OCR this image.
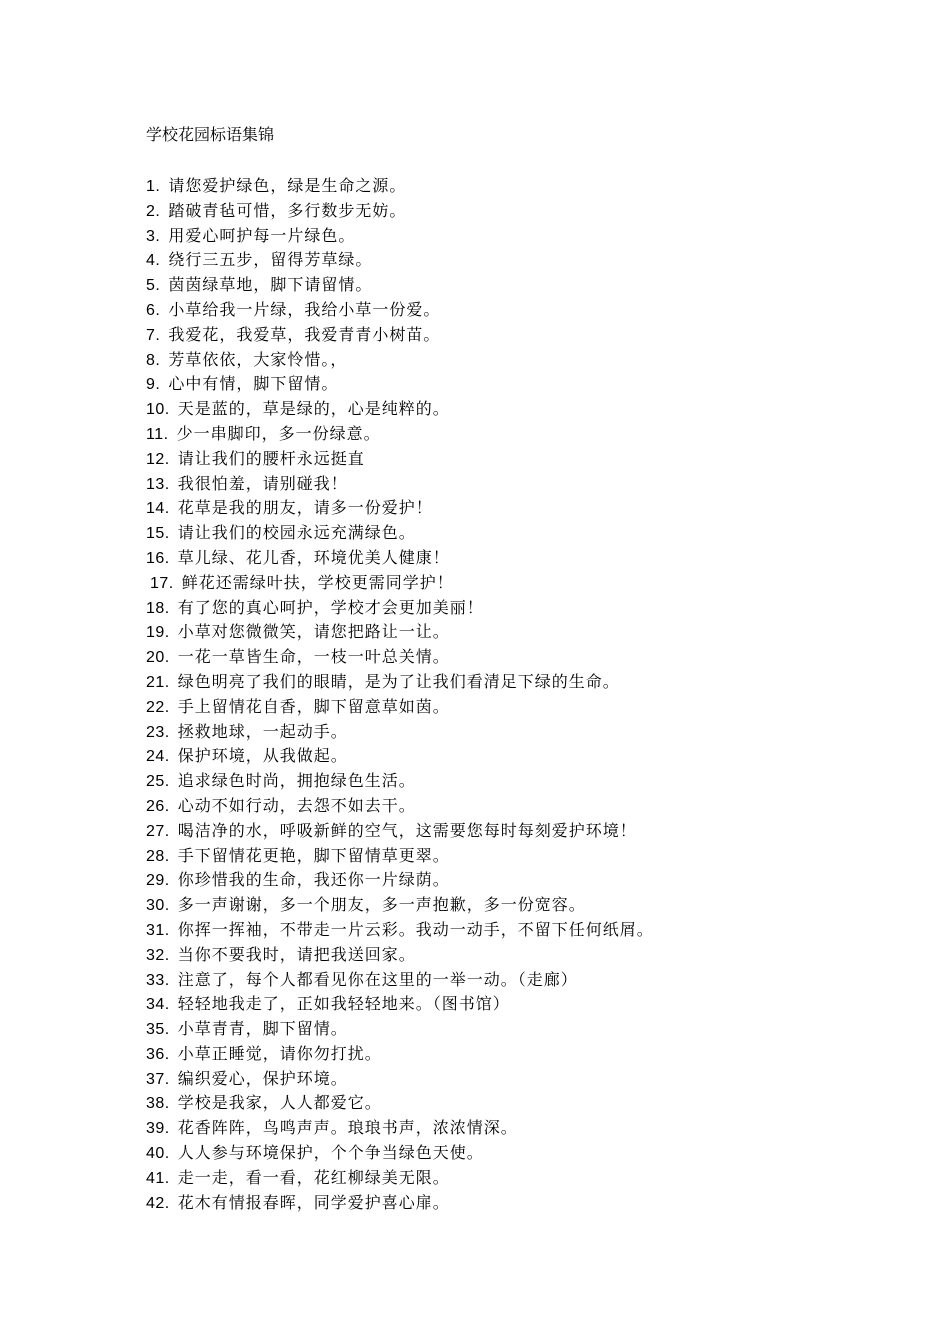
学校花园标语集锦
1. 请您爱护绿色，绿是生命之源。
2. 踏破青毡可惜，多行数步无妨。
3. 用爱心呵护每一片绿色。
4. 绕行三五步，留得芳草绿。
5. 茵茵绿草地，脚下请留情。
6. 小草给我一片绿，我给小草一份爱。
7. 我爱花，我爱草，我爱青青小树苗。
8. 芳草依依，大家怜惜。，
9. 心中有情，脚下留情。
10. 天是蓝的，草是绿的，心是纯粹的。
11. 少一串脚印，多一份绿意。
12. 请让我们的腰杆永远挺直
13. 我很怕羞，请别碰我！
14. 花草是我的朋友，请多一份爱护！
15. 请让我们的校园永远充满绿色。
16. 草儿绿、花儿香，环境优美人健康！
17. 鲜花还需绿叶扶，学校更需同学护！
18. 有了您的真心呵护，学校才会更加美丽！
19. 小草对您微微笑，请您把路让一让。
20. 一花一草皆生命，一枝一叶总关情。
21. 绿色明亮了我们的眼睛，是为了让我们看清足下绿的生命。
22. 手上留情花自香，脚下留意草如茵。
23. 拯救地球，一起动手。
24. 保护环境，从我做起。
25. 追求绿色时尚，拥抱绿色生活。
26. 心动不如行动，去怨不如去干。
27. 喝洁净的水，呼吸新鲜的空气，这需要您每时每刻爱护环境！
28. 手下留情花更艳，脚下留情草更翠。
29. 你珍惜我的生命，我还你一片绿荫。
30. 多一声谢谢，多一个朋友，多一声抱歉，多一份宽容。
31. 你挥一挥袖，不带走一片云彩。我动一动手，不留下任何纸屑。
32. 当你不要我时，请把我送回家。
33. 注意了，每个人都看见你在这里的一举一动。（走廊）
34. 轻轻地我走了，正如我轻轻地来。（图书馆）
35. 小草青青，脚下留情。
36. 小草正睡觉，请你勿打扰。
37. 编织爱心，保护环境。
38. 学校是我家，人人都爱它。
39. 花香阵阵，鸟鸣声声。琅琅书声，浓浓情深。
40. 人人参与环境保护，个个争当绿色天使。
41. 走一走，看一看，花红柳绿美无限。
42. 花木有情报春晖，同学爱护喜心扉。
